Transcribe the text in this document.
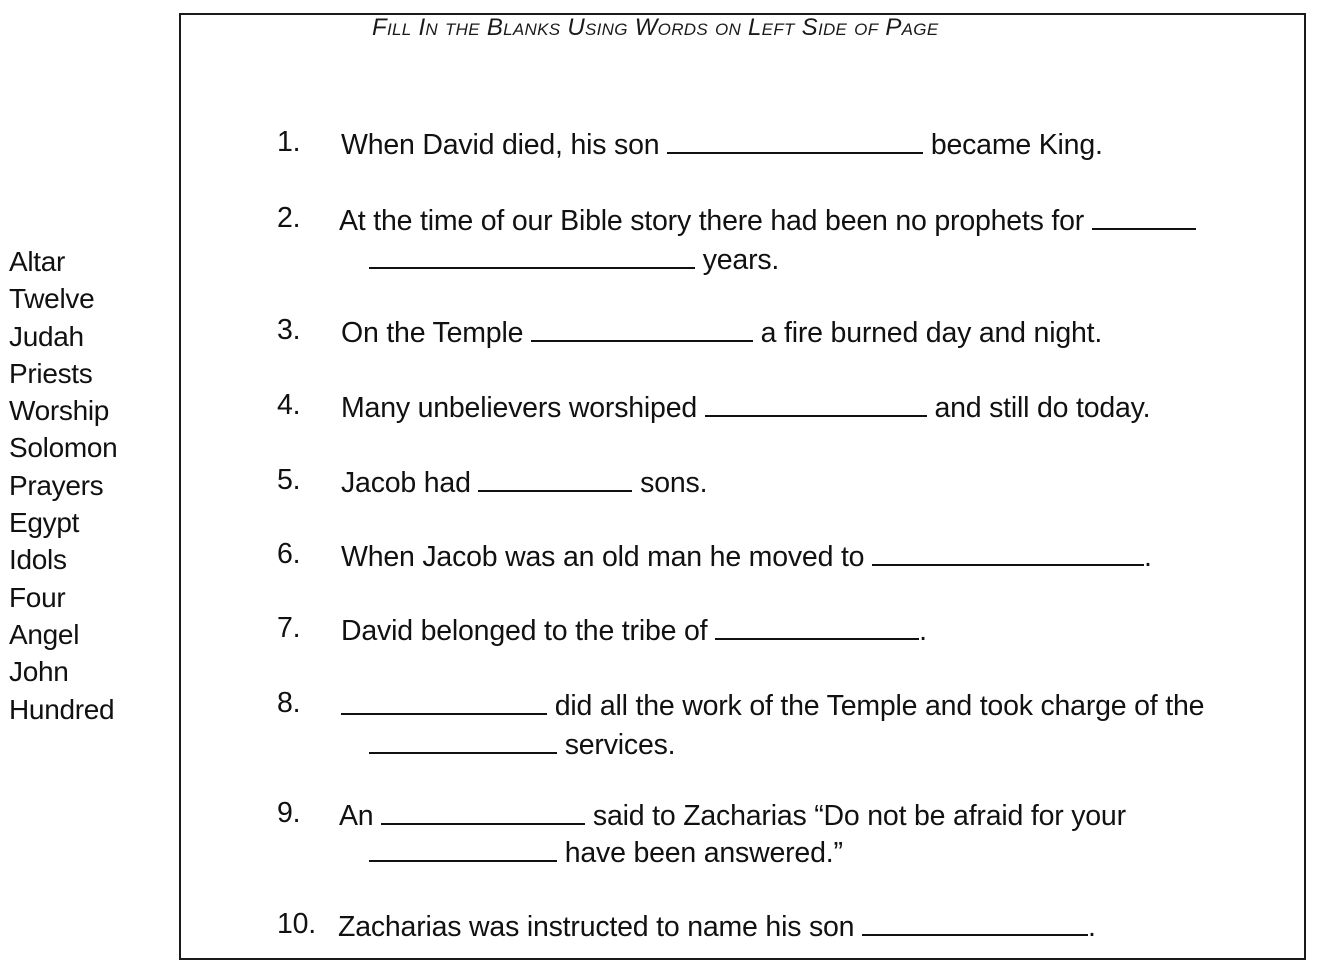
Altar
Twelve
Judah
Priests
Worship
Solomon
Prayers
Egypt
Idols
Four
Angel
John
Hundred
Fill In the Blanks Using Words on Left Side of Page
1. When David died, his son	became King.
2. At the time of our Bible story there had been no prophets for
years.
3. On the Temple	a fire burned day and night.
4. Many unbelievers worshiped	and still do today.
5. Jacob had	sons.
6. When Jacob was an old man he moved to	.
7. David belonged to the tribe of	.
8.	did all the work of the Temple and took charge of the
services.
9. An	said to Zacharias “Do not be afraid for your
have been answered.”
10. Zacharias was instructed to name his son	.
